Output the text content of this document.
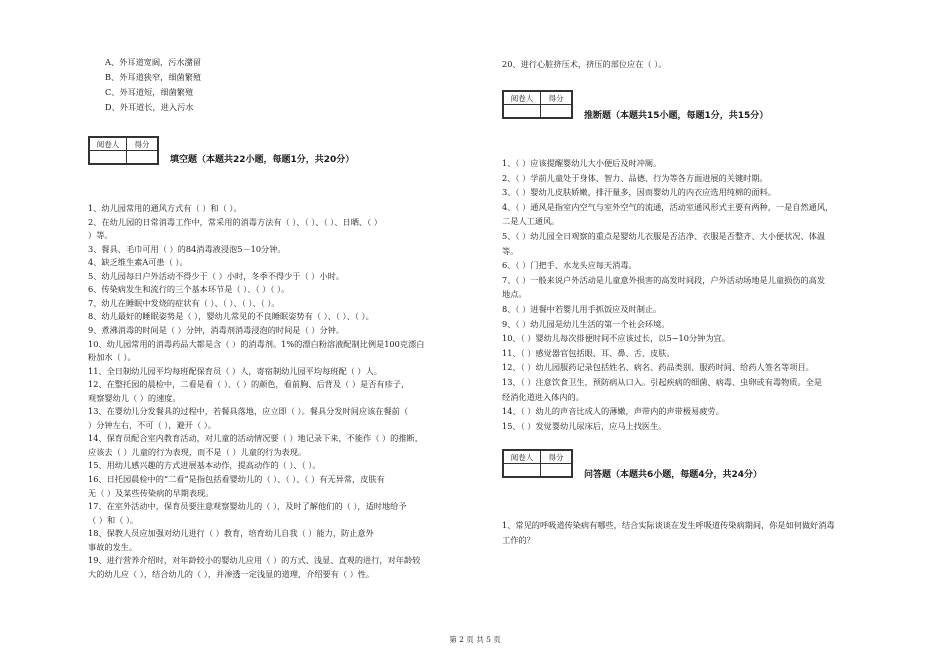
A、外耳道宽阔，污水潴留
B、外耳道狭窄，细菌繁殖
C、外耳道短，细菌繁殖
D、外耳道长，进入污水
阅卷人	得分

填空题（本题共22小题，每题1分，共20分）
1、幼儿园常用的通风方式有（ ）和（ ）。
2、在幼儿园的日常消毒工作中，常采用的消毒方法有（ ）、（ ）、（ ）、日晒、（ ）
）等。
3、餐具、毛巾可用（ ）的84消毒液浸泡5－10分钟。
4、缺乏维生素A可患（ ）。
5、幼儿园每日户外活动不得少于（ ）小时，冬季不得少于（ ）小时。
6、传染病发生和流行的三个基本环节是（ ）、（ ）（ ）。
7、幼儿在睡眠中发烧的症状有（ ）、（ ）、（ ）、（ ）。
8、幼儿最好的睡眠姿势是（ ），婴幼儿常见的不良睡眠姿势有（ ）、（ ）、（ ）。
9、煮沸消毒的时间是（ ）分钟，消毒剂消毒浸泡的时间是（ ）分钟。
10、幼儿园常用的消毒药品大都是含（ ）的消毒剂。1%的漂白粉溶液配制比例是100克漂白
粉加水（ ）。
11、全日制幼儿园平均每班配保育员（ ）人，寄宿制幼儿园平均每班配（ ）人。
12、在整托园的晨检中，二看是看（ ）、（ ）的颜色，看前胸、后背及（ ）是否有疹子，
观察婴幼儿（ ）的速度。
13、在婴幼儿分发餐具的过程中，若餐具落地，应立即（ ）。餐具分发时间应该在餐前（
）分钟左右，不可（ ），避开（ ）。
14、保育员配合室内教育活动，对儿童的活动情况要（ ）地记录下来，不能作（ ）的推断，
应该去（ ）儿童的行为表现，而不是（ ）儿童的行为表现。
15、用幼儿感兴趣的方式进展基本动作，提高动作的（ ）、（ ）。
16、日托园晨检中的“二看”是指包括看婴幼儿的（ ）、（ ）、（ ）有无异常，皮肤有
无（ ）及某些传染病的早期表现。
17、在室外活动中，保育员要注意观察婴幼儿的（ ），及时了解他们的（ ），适时地给予
（ ）和（ ）。
18、保教人员应加强对幼儿进行（ ）教育，培育幼儿自我（ ）能力，防止意外
事故的发生。
19、进行营养介绍时，对年龄较小的婴幼儿应用（ ）的方式、浅显、直观的进行，对年龄较
大的幼儿应（ ），结合幼儿的（ ），并渗透一定浅显的道理，介绍要有（ ）性。
20、进行心脏挤压术，挤压的部位应在（ ）。
阅卷人	得分

推断题（本题共15小题，每题1分，共15分）
1、（ ）应该提醒婴幼儿大小便后及时冲厕。
2、（ ）学前儿童处于身体、智力、品德、行为等各方面进展的关键时期。
3、（ ）婴幼儿皮肤娇嫩，排汗量多，因而婴幼儿的内衣应选用纯棉的面料。
4、（ ）通风是指室内空气与室外空气的流通，活动室通风形式主要有两种，一是自然通风，
二是人工通风。
5、（ ）幼儿园全日观察的重点是婴幼儿衣服是否洁净、衣服是否整齐、大小便状况、体温
等。
6、（ ）门把手、水龙头应每天消毒。
7、（ ）一般来说户外活动是儿童意外损害的高发时间段，户外活动场地是儿童损伤的高发
地点。
8、（ ）进餐中若婴儿用手抓饭应及时制止。
9、（ ）幼儿园是幼儿生活的第一个社会环境。
10、（ ）婴幼儿每次排便时间不应该过长，以5~10分钟为宜。
11、（ ）感觉器官包括眼、耳、鼻、舌、皮肤。
12、（ ）幼儿园服药记录包括姓名、病名、药品类别、服药时间、给药人签名等项目。
13、（ ）注意饮食卫生，预防病从口入。引起疾病的细菌、病毒、虫卵或有毒物质。全是
经消化道进入体内的。
14、（ ）幼儿的声音比成人的薄嫩，声带内的声带极易疲劳。
15、（ ）发觉婴幼儿尿床后，应马上找医生。
阅卷人	得分

问答题（本题共6小题，每题4分，共24分）
1、常见的呼吸道传染病有哪些，结合实际谈谈在发生呼吸道传染病期间，你是如何做好消毒
工作的？
第 2 页 共 5 页
